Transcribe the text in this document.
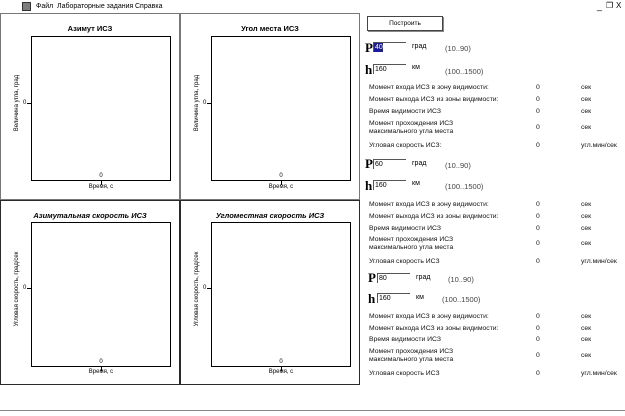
Файл Лабораторные задания Справка	_ ❐ X
Азимут ИСЗ
Величина угла, град 0
0
Время, с
Угол места ИСЗ
Величина угла, град 0
0
Время, с
Азимутальная скорость ИСЗ
Угловая скорость, град/сек 0
0
Время, с
Угломестная скорость ИСЗ
Угловая скорость, град/сек 0
0
Время, с
Построить
P
40	град (10..90)
h
160	км	(100..1500)
Момент входа ИСЗ в зону видимости:	0	сек
Момент выхода ИСЗ из зоны видимости:	0	сек
Время видимости ИСЗ	0	сек
Момент прохождения ИСЗ максимального угла места
0	сек
Угловая скорость ИСЗ:	0	угл.мин/сек
P
60	град (10..90)
h
160	км	(100..1500)
Момент входа ИСЗ в зону видимости:	0	сек
Момент выхода ИСЗ из зоны видимости:	0	сек
Время видимости ИСЗ	0	сек
Момент прохождения ИСЗ максимального угла места
0	сек
Угловая скорость ИСЗ	0	угл.мин/сек
P
80	град (10..90)
h
160	км (100..1500)
Момент входа ИСЗ в зону видимости:	0	сек
Момент выхода ИСЗ из зоны видимости:	0	сек
Время видимости ИСЗ	0	сек
Момент прохождения ИСЗ максимального угла места
0	сек
Угловая скорость ИСЗ	0	угл.мин/сек
